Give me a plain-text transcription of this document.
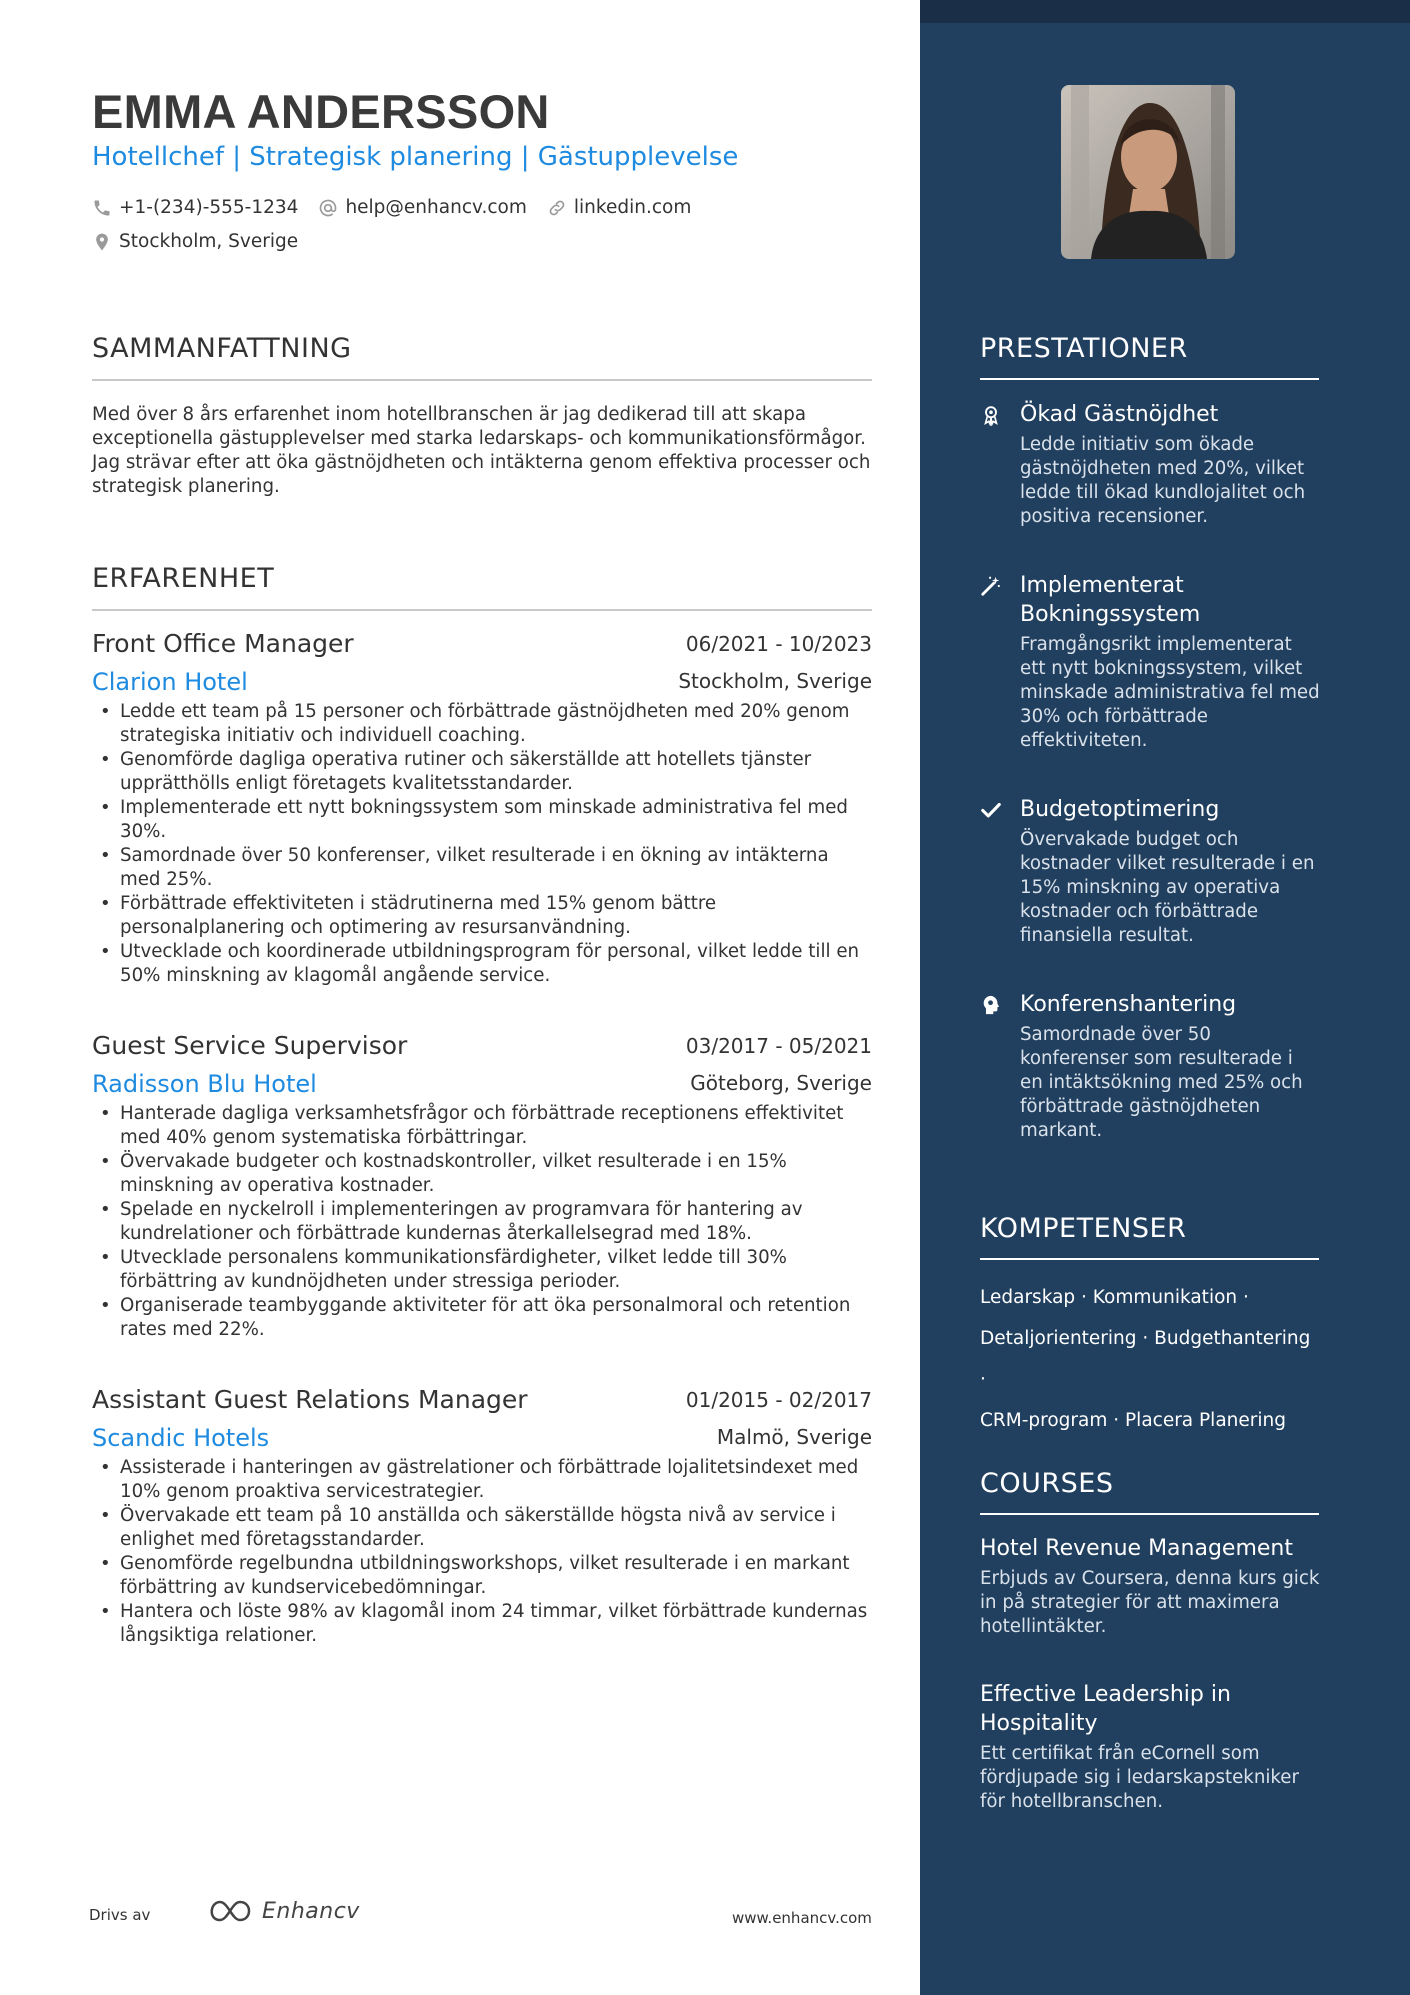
EMMA ANDERSSON
Hotellchef | Strategisk planering | Gästupplevelse
+1-(234)-555-1234	help@enhancv.com	linkedin.com
Stockholm, Sverige
SAMMANFATTNING
Med över 8 års erfarenhet inom hotellbranschen är jag dedikerad till att skapa exceptionella gästupplevelser med starka ledarskaps- och kommunikationsförmågor. Jag strävar efter att öka gästnöjdheten och intäkterna genom effektiva processer och strategisk planering.
ERFARENHET
Front Office Manager	06/2021 - 10/2023
Clarion Hotel	Stockholm, Sverige
• Ledde ett team på 15 personer och förbättrade gästnöjdheten med 20% genom strategiska initiativ och individuell coaching.
• Genomförde dagliga operativa rutiner och säkerställde att hotellets tjänster upprätthölls enligt företagets kvalitetsstandarder.
• Implementerade ett nytt bokningssystem som minskade administrativa fel med 30%.
• Samordnade över 50 konferenser, vilket resulterade i en ökning av intäkterna med 25%.
• Förbättrade effektiviteten i städrutinerna med 15% genom bättre personalplanering och optimering av resursanvändning.
• Utvecklade och koordinerade utbildningsprogram för personal, vilket ledde till en 50% minskning av klagomål angående service.
Guest Service Supervisor	03/2017 - 05/2021
Radisson Blu Hotel	Göteborg, Sverige
• Hanterade dagliga verksamhetsfrågor och förbättrade receptionens effektivitet med 40% genom systematiska förbättringar.
• Övervakade budgeter och kostnadskontroller, vilket resulterade i en 15% minskning av operativa kostnader.
• Spelade en nyckelroll i implementeringen av programvara för hantering av kundrelationer och förbättrade kundernas återkallelsegrad med 18%.
• Utvecklade personalens kommunikationsfärdigheter, vilket ledde till 30% förbättring av kundnöjdheten under stressiga perioder.
• Organiserade teambyggande aktiviteter för att öka personalmoral och retention rates med 22%.
Assistant Guest Relations Manager	01/2015 - 02/2017
Scandic Hotels	Malmö, Sverige
• Assisterade i hanteringen av gästrelationer och förbättrade lojalitetsindexet med 10% genom proaktiva servicestrategier.
• Övervakade ett team på 10 anställda och säkerställde högsta nivå av service i enlighet med företagsstandarder.
• Genomförde regelbundna utbildningsworkshops, vilket resulterade i en markant förbättring av kundservicebedömningar.
• Hantera och löste 98% av klagomål inom 24 timmar, vilket förbättrade kundernas långsiktiga relationer.
PRESTATIONER
Ökad Gästnöjdhet
Ledde initiativ som ökade gästnöjdheten med 20%, vilket ledde till ökad kundlojalitet och positiva recensioner.
Implementerat Bokningssystem
Framgångsrikt implementerat ett nytt bokningssystem, vilket minskade administrativa fel med 30% och förbättrade effektiviteten.
Budgetoptimering
Övervakade budget och kostnader vilket resulterade i en 15% minskning av operativa kostnader och förbättrade finansiella resultat.
Konferenshantering
Samordnade över 50 konferenser som resulterade i en intäktsökning med 25% och förbättrade gästnöjdheten markant.
KOMPETENSER
Ledarskap · Kommunikation ·
Detaljorientering · Budgethantering ·
CRM-program · Placera Planering
COURSES
Hotel Revenue Management
Erbjuds av Coursera, denna kurs gick in på strategier för att maximera hotellintäkter.
Effective Leadership in Hospitality
Ett certifikat från eCornell som fördjupade sig i ledarskapstekniker för hotellbranschen.
Drivs av	Enhancv	www.enhancv.com
